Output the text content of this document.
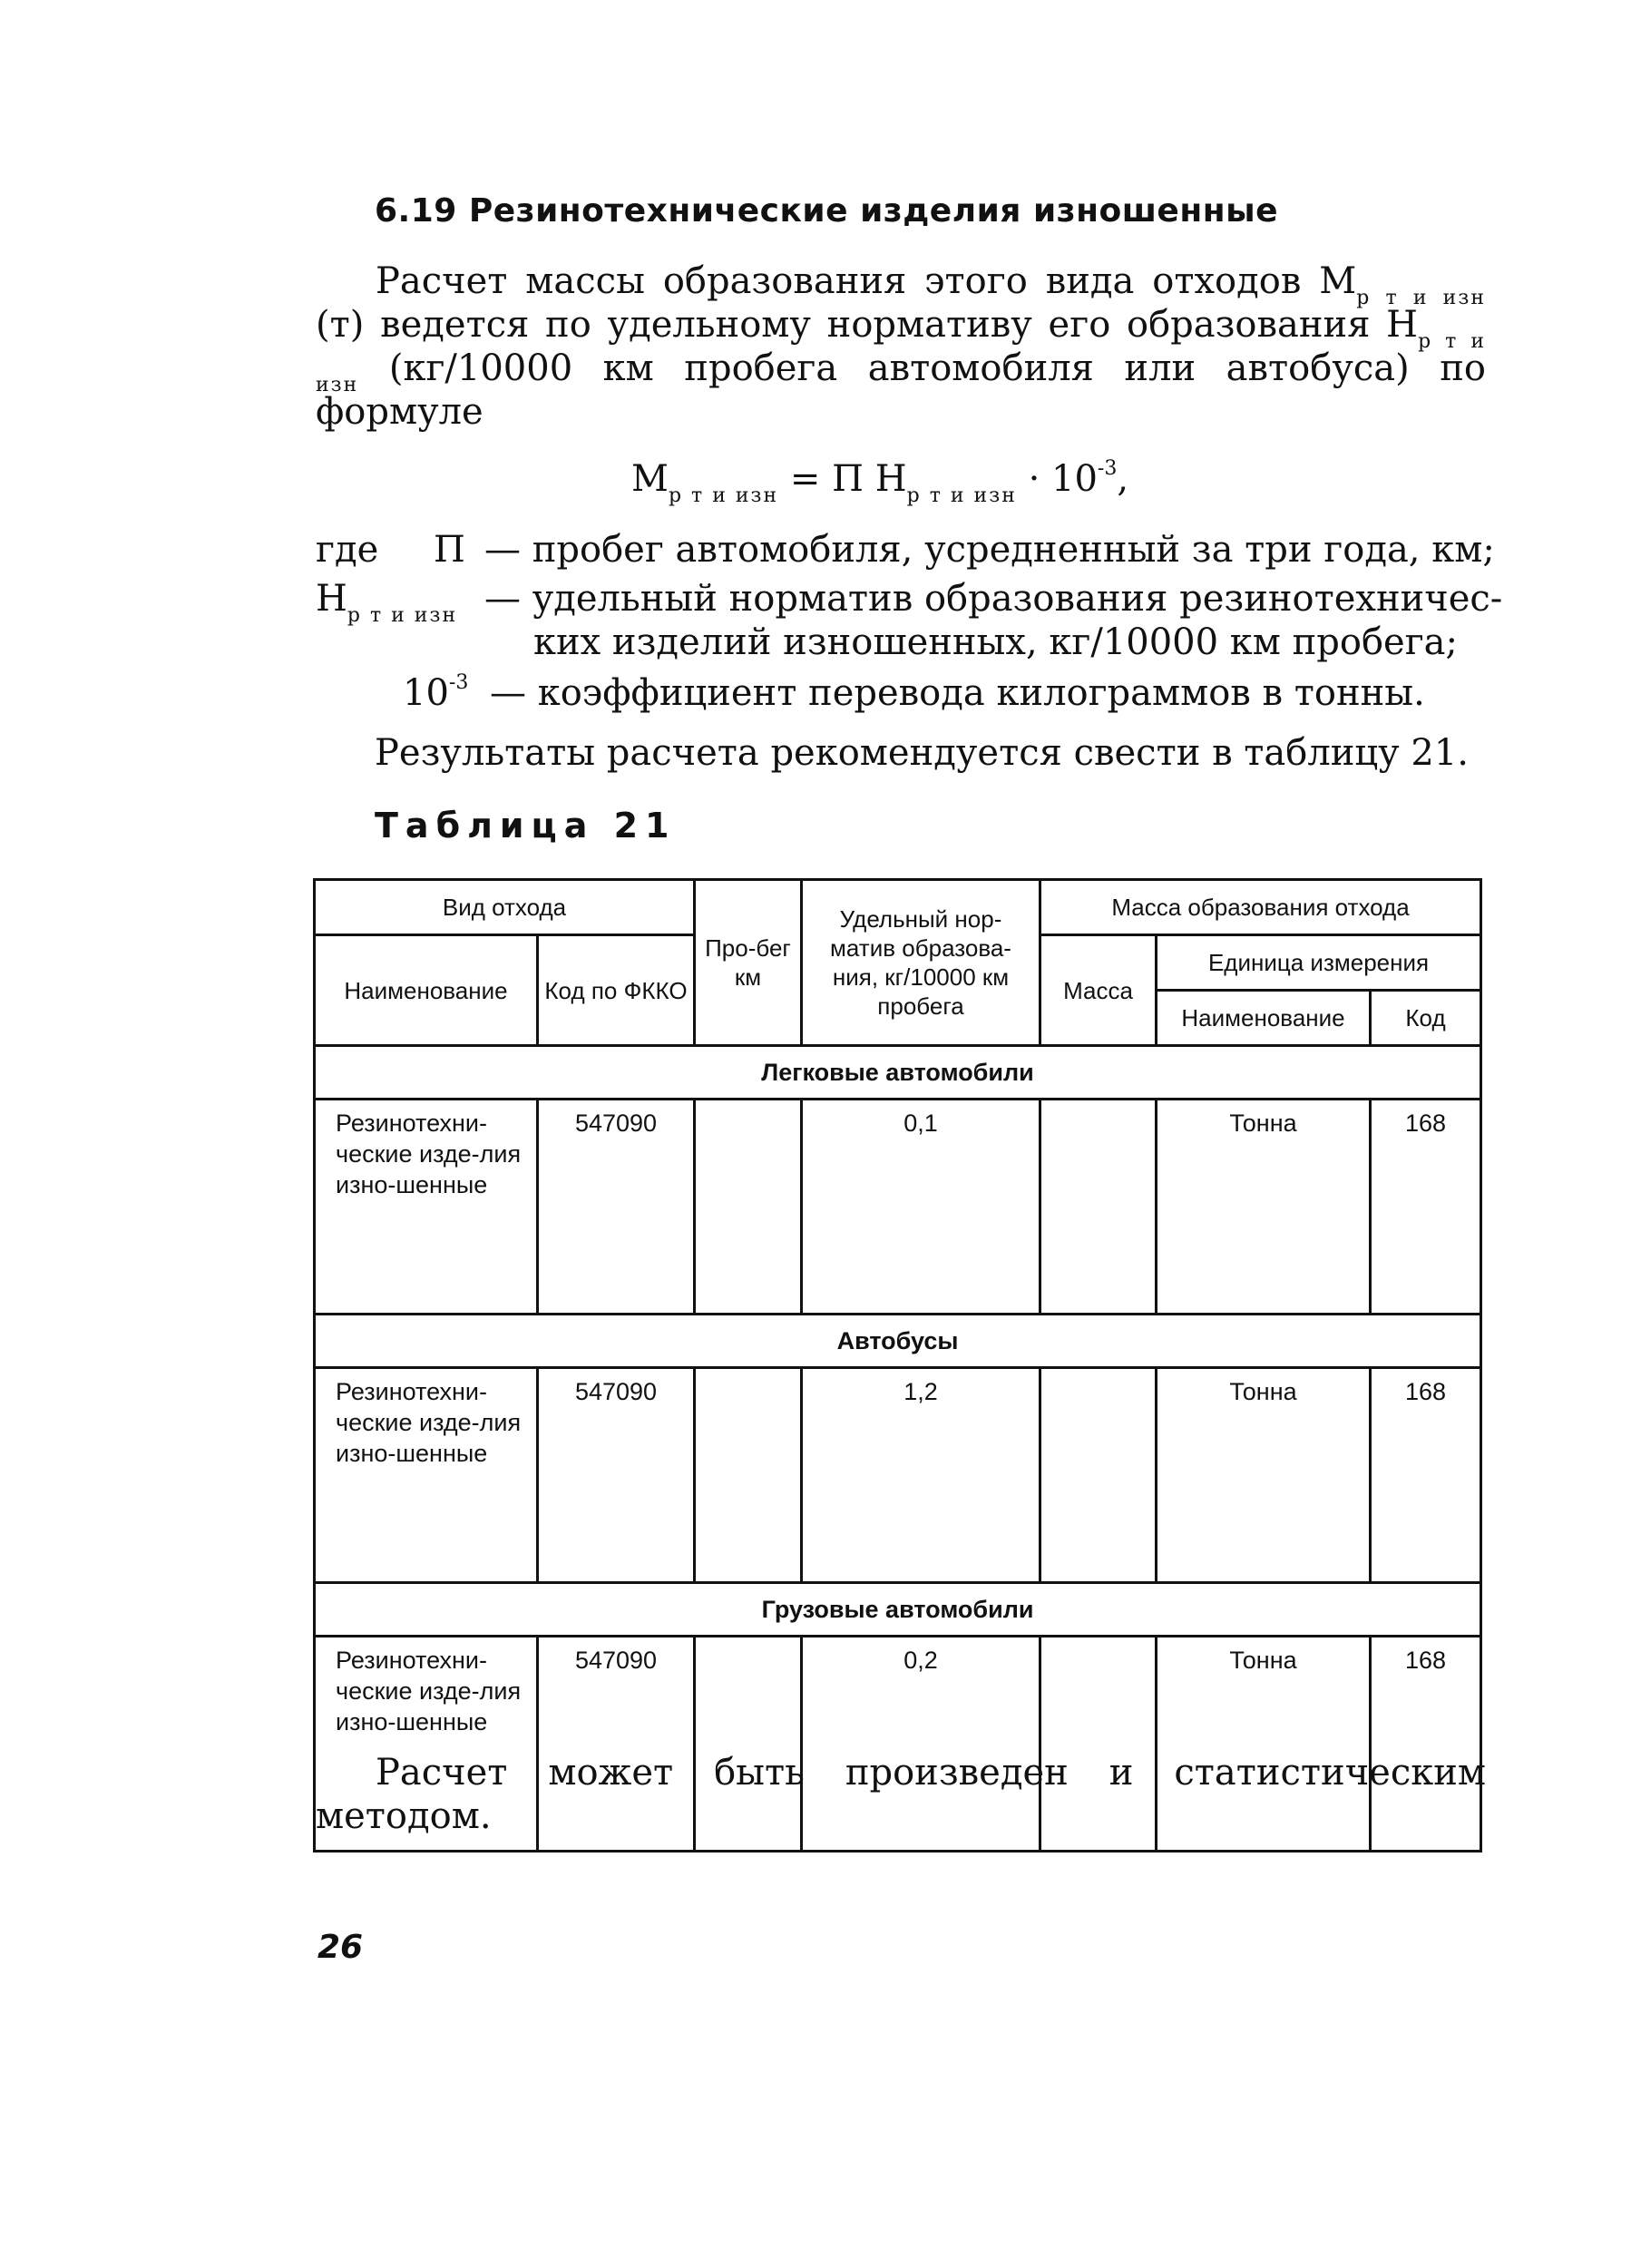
6.19 Резинотехнические изделия изношенные
Расчет массы образования этого вида отходов $М_{р т и изн}$ (т) ведется по удельному нормативу его образования $Н_{р т и изн}$ (кг/10000 км пробега автомобиля или автобуса) по формуле
$М_{р т и изн} = П$ $Н_{р т и изн} \cdot 10^{-3}$,
где П — пробег автомобиля, усредненный за три года, км;
$Н_{р т и изн}$ — удельный норматив образования резинотехничес-
ких изделий изношенных, кг/10000 км пробега;
$10^{-3}$ — коэффициент перевода килограммов в тонны.
Результаты расчета рекомендуется свести в таблицу 21.
Таблица 21
Вид отхода		Про-бег км	Удельный нор-матив образова-ния, кг/10000 км пробега	Масса образования отхода		
Наименование	Код по ФККО			Масса	Единица измерения	
					Наименование	Код
Легковые автомобили						
Резинотехни-ческие изде-лия изно-шенные	547090		0,1		Тонна	168
Автобусы						
Резинотехни-ческие изде-лия изно-шенные	547090		1,2		Тонна	168
Грузовые автомобили						
Резинотехни-ческие изде-лия изно-шенные	547090		0,2		Тонна	168
Расчет может быть произведен и статистическим методом.
26
